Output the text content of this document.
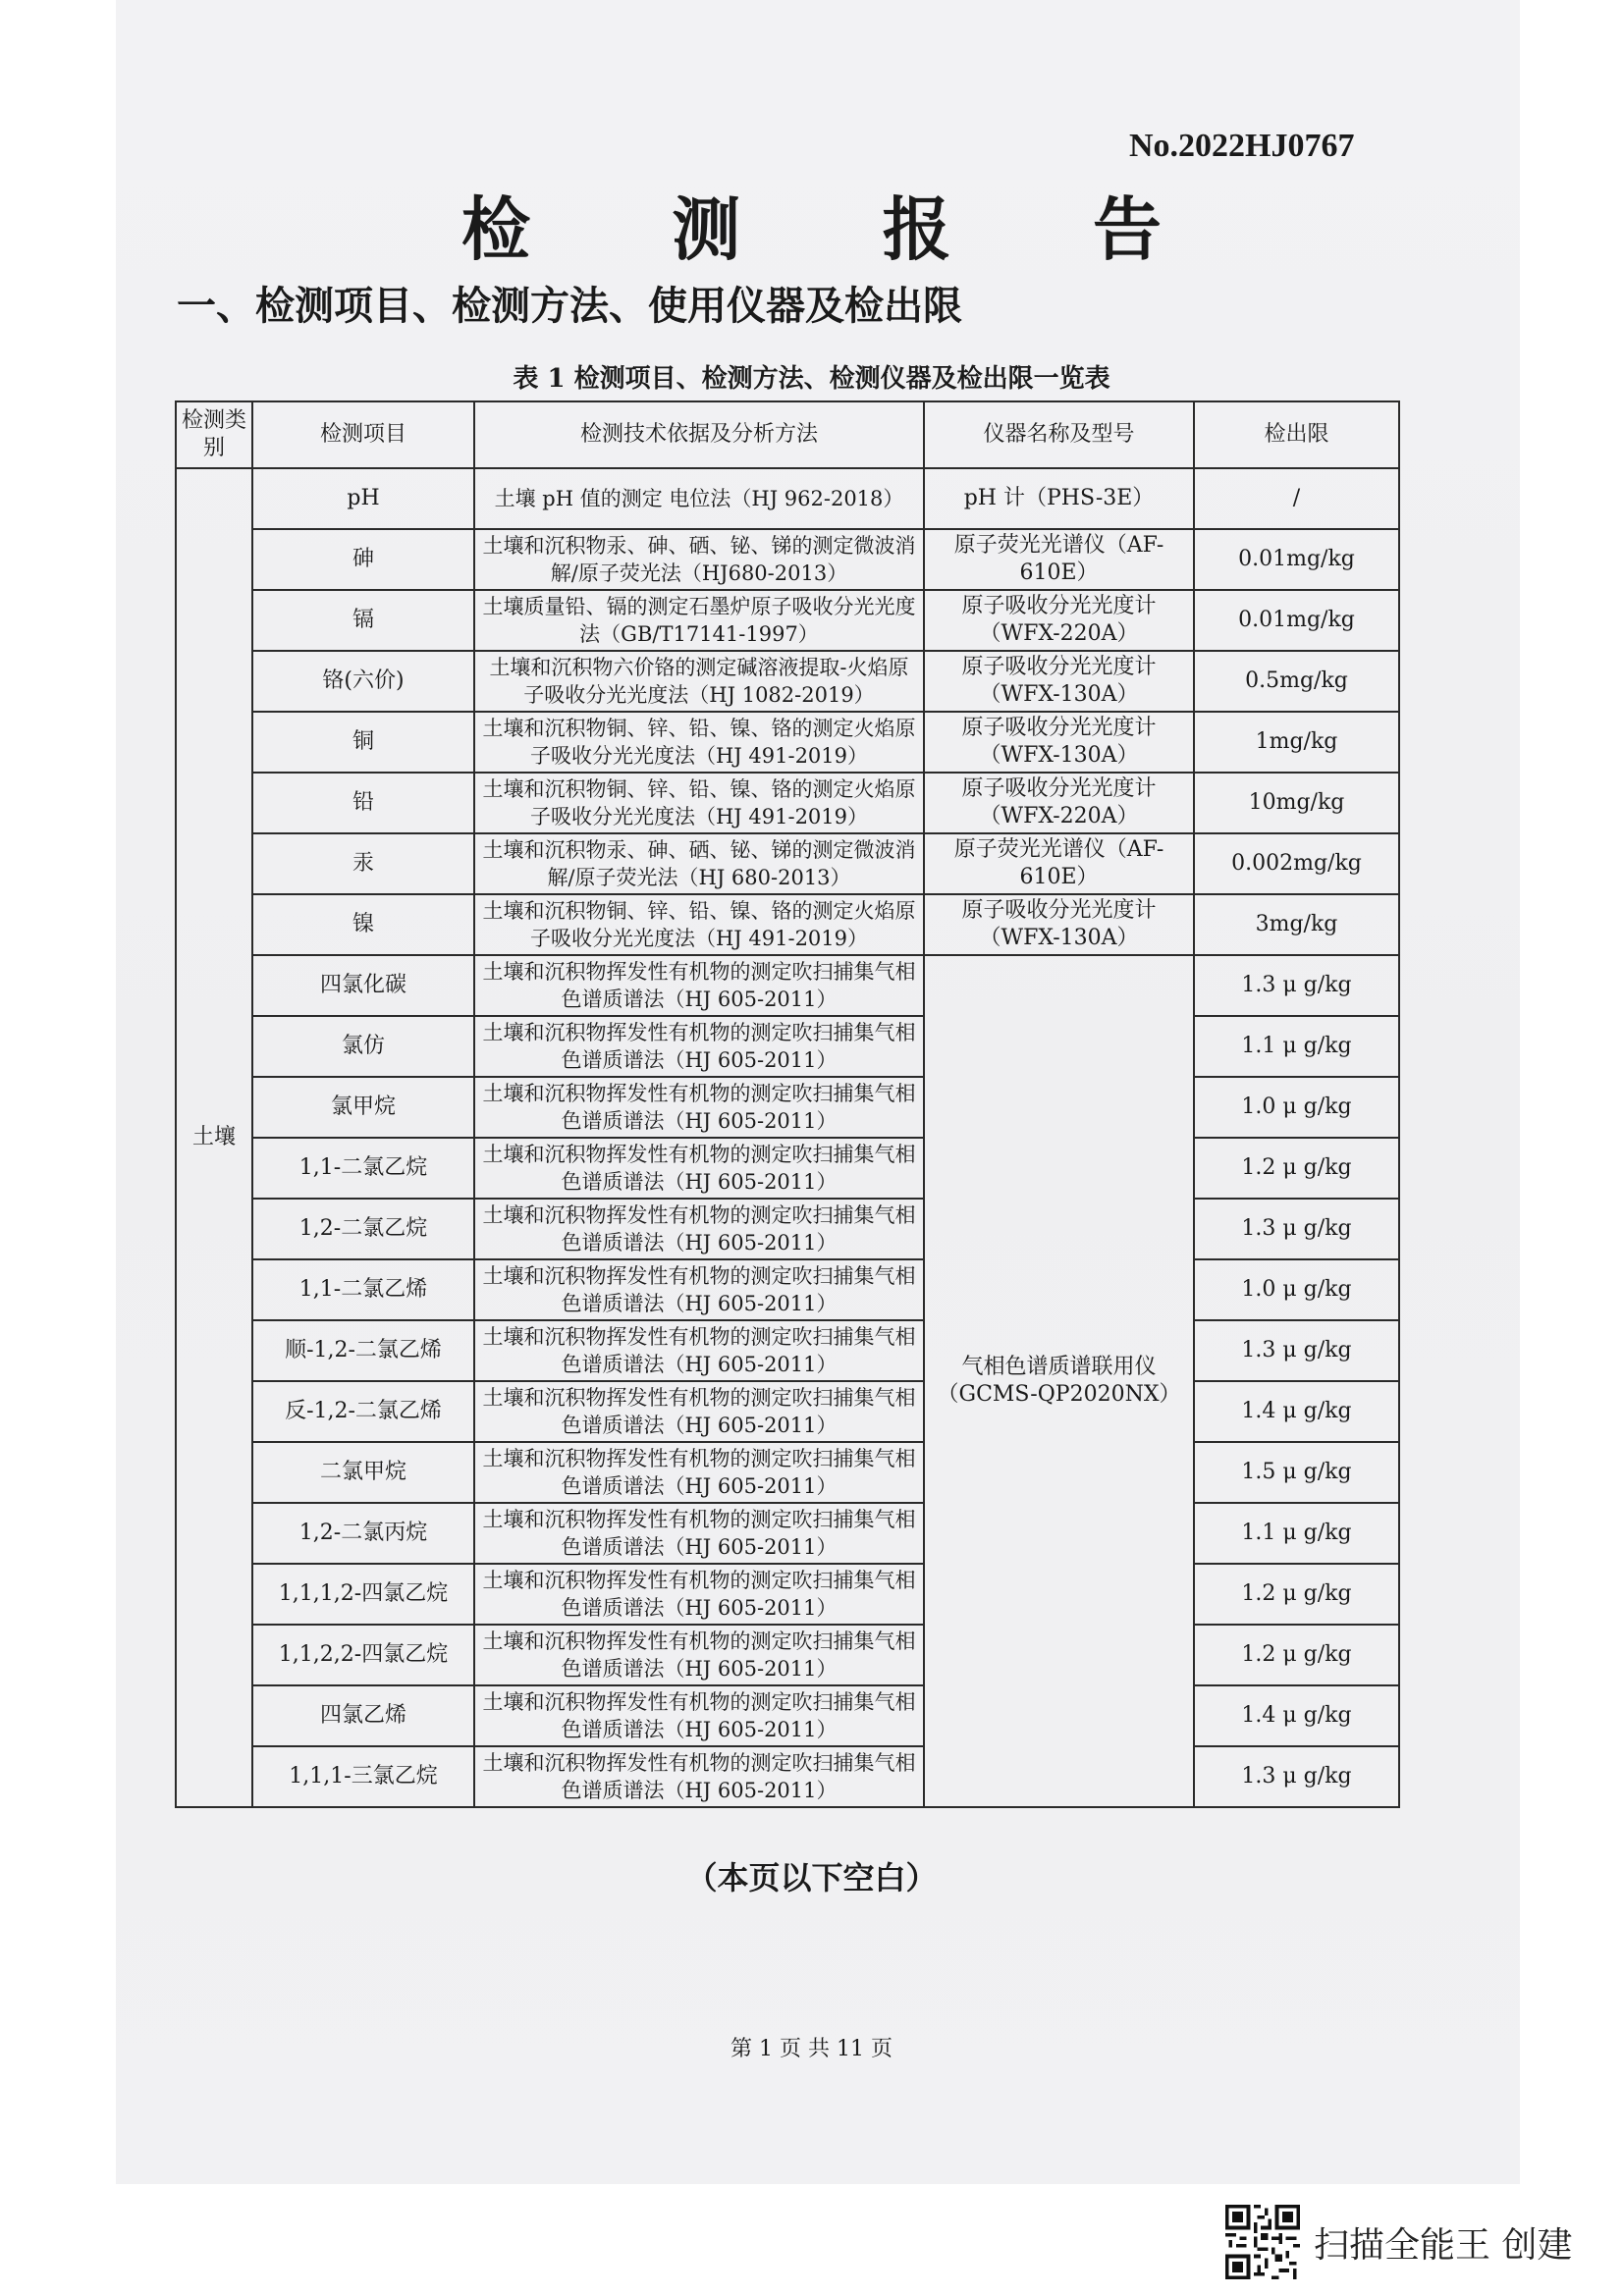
No.2022HJ0767
检 测 报 告
一、检测项目、检测方法、使用仪器及检出限
表 1 检测项目、检测方法、检测仪器及检出限一览表
检测类别	检测项目	检测技术依据及分析方法	仪器名称及型号	检出限
土壤	pH	土壤 pH 值的测定 电位法（HJ 962-2018）	pH 计（PHS-3E）	/
	砷	土壤和沉积物汞、砷、硒、铋、锑的测定微波消解/原子荧光法（HJ680-2013）	原子荧光光谱仪（AF-610E）	0.01mg/kg
	镉	土壤质量铅、镉的测定石墨炉原子吸收分光光度法（GB/T17141-1997）	原子吸收分光光度计（WFX-220A）	0.01mg/kg
	铬(六价)	土壤和沉积物六价铬的测定碱溶液提取-火焰原子吸收分光光度法（HJ 1082-2019）	原子吸收分光光度计（WFX-130A）	0.5mg/kg
	铜	土壤和沉积物铜、锌、铅、镍、铬的测定火焰原子吸收分光光度法（HJ 491-2019）	原子吸收分光光度计（WFX-130A）	1mg/kg
	铅	土壤和沉积物铜、锌、铅、镍、铬的测定火焰原子吸收分光光度法（HJ 491-2019）	原子吸收分光光度计（WFX-220A）	10mg/kg
	汞	土壤和沉积物汞、砷、硒、铋、锑的测定微波消解/原子荧光法（HJ 680-2013）	原子荧光光谱仪（AF-610E）	0.002mg/kg
	镍	土壤和沉积物铜、锌、铅、镍、铬的测定火焰原子吸收分光光度法（HJ 491-2019）	原子吸收分光光度计（WFX-130A）	3mg/kg
	四氯化碳	土壤和沉积物挥发性有机物的测定吹扫捕集气相色谱质谱法（HJ 605-2011）	气相色谱质谱联用仪（GCMS-QP2020NX）	1.3 μ g/kg
	氯仿	土壤和沉积物挥发性有机物的测定吹扫捕集气相色谱质谱法（HJ 605-2011）		1.1 μ g/kg
	氯甲烷	土壤和沉积物挥发性有机物的测定吹扫捕集气相色谱质谱法（HJ 605-2011）		1.0 μ g/kg
	1,1-二氯乙烷	土壤和沉积物挥发性有机物的测定吹扫捕集气相色谱质谱法（HJ 605-2011）		1.2 μ g/kg
	1,2-二氯乙烷	土壤和沉积物挥发性有机物的测定吹扫捕集气相色谱质谱法（HJ 605-2011）		1.3 μ g/kg
	1,1-二氯乙烯	土壤和沉积物挥发性有机物的测定吹扫捕集气相色谱质谱法（HJ 605-2011）		1.0 μ g/kg
	顺-1,2-二氯乙烯	土壤和沉积物挥发性有机物的测定吹扫捕集气相色谱质谱法（HJ 605-2011）		1.3 μ g/kg
	反-1,2-二氯乙烯	土壤和沉积物挥发性有机物的测定吹扫捕集气相色谱质谱法（HJ 605-2011）		1.4 μ g/kg
	二氯甲烷	土壤和沉积物挥发性有机物的测定吹扫捕集气相色谱质谱法（HJ 605-2011）		1.5 μ g/kg
	1,2-二氯丙烷	土壤和沉积物挥发性有机物的测定吹扫捕集气相色谱质谱法（HJ 605-2011）		1.1 μ g/kg
	1,1,1,2-四氯乙烷	土壤和沉积物挥发性有机物的测定吹扫捕集气相色谱质谱法（HJ 605-2011）		1.2 μ g/kg
	1,1,2,2-四氯乙烷	土壤和沉积物挥发性有机物的测定吹扫捕集气相色谱质谱法（HJ 605-2011）		1.2 μ g/kg
	四氯乙烯	土壤和沉积物挥发性有机物的测定吹扫捕集气相色谱质谱法（HJ 605-2011）		1.4 μ g/kg
	1,1,1-三氯乙烷	土壤和沉积物挥发性有机物的测定吹扫捕集气相色谱质谱法（HJ 605-2011）		1.3 μ g/kg
（本页以下空白）
第 1 页 共 11 页
扫描全能王 创建
